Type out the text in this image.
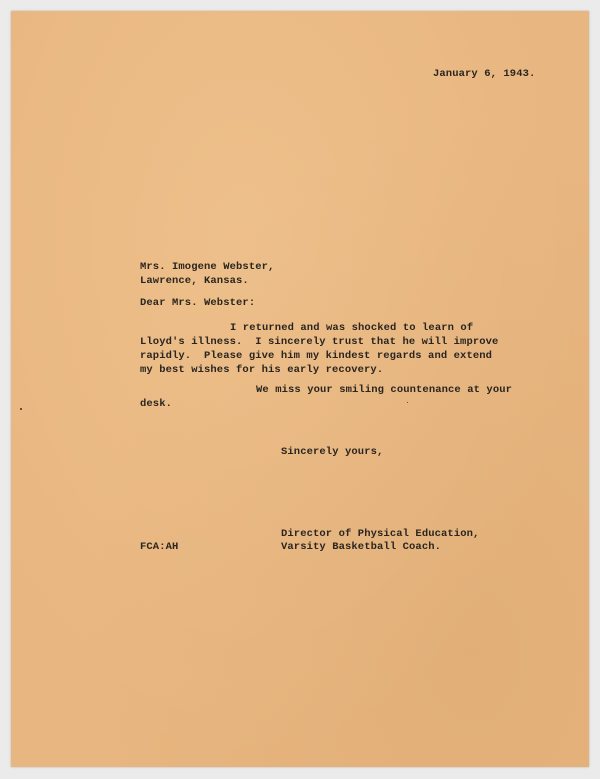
January 6, 1943.

Mrs. Imogene Webster,

Lawrence, Kansas.

Dear Mrs. Webster:

I returned and was shocked to learn of

Lloyd's illness.  I sincerely trust that he will improve

rapidly.  Please give him my kindest regards and extend

my best wishes for his early recovery.

We miss your smiling countenance at your

desk.

Sincerely yours,

Director of Physical Education,

Varsity Basketball Coach.

FCA:AH
